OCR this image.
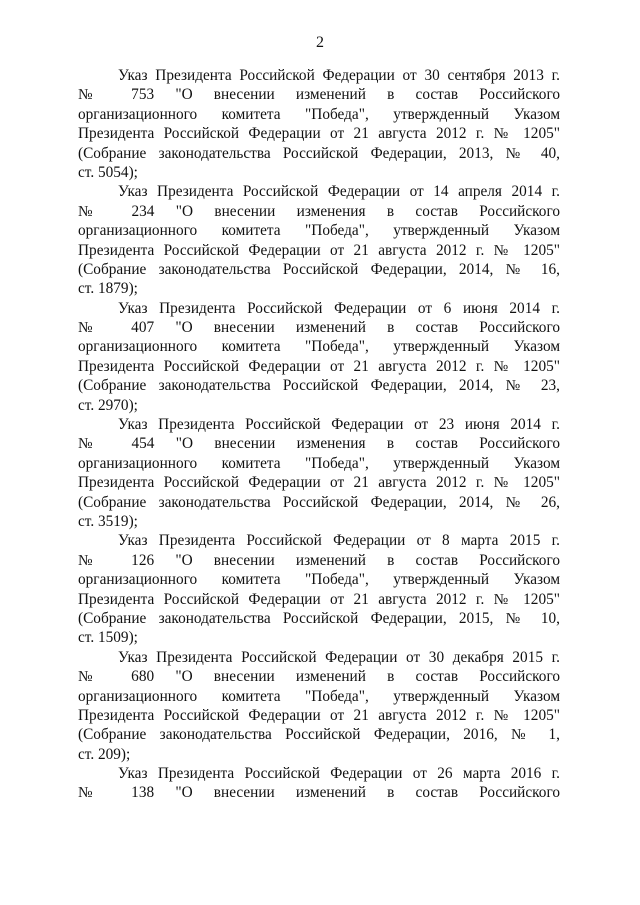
2
Указ Президента Российской Федерации от 30 сентября 2013 г.
№ 753 "О внесении изменений в состав Российского
организационного комитета "Победа", утвержденный Указом
Президента Российской Федерации от 21 августа 2012 г. № 1205"
(Собрание законодательства Российской Федерации, 2013, № 40,
ст. 5054);
Указ Президента Российской Федерации от 14 апреля 2014 г.
№ 234 "О внесении изменения в состав Российского
организационного комитета "Победа", утвержденный Указом
Президента Российской Федерации от 21 августа 2012 г. № 1205"
(Собрание законодательства Российской Федерации, 2014, № 16,
ст. 1879);
Указ Президента Российской Федерации от 6 июня 2014 г.
№ 407 "О внесении изменений в состав Российского
организационного комитета "Победа", утвержденный Указом
Президента Российской Федерации от 21 августа 2012 г. № 1205"
(Собрание законодательства Российской Федерации, 2014, № 23,
ст. 2970);
Указ Президента Российской Федерации от 23 июня 2014 г.
№ 454 "О внесении изменения в состав Российского
организационного комитета "Победа", утвержденный Указом
Президента Российской Федерации от 21 августа 2012 г. № 1205"
(Собрание законодательства Российской Федерации, 2014, № 26,
ст. 3519);
Указ Президента Российской Федерации от 8 марта 2015 г.
№ 126 "О внесении изменений в состав Российского
организационного комитета "Победа", утвержденный Указом
Президента Российской Федерации от 21 августа 2012 г. № 1205"
(Собрание законодательства Российской Федерации, 2015, № 10,
ст. 1509);
Указ Президента Российской Федерации от 30 декабря 2015 г.
№ 680 "О внесении изменений в состав Российского
организационного комитета "Победа", утвержденный Указом
Президента Российской Федерации от 21 августа 2012 г. № 1205"
(Собрание законодательства Российской Федерации, 2016, № 1,
ст. 209);
Указ Президента Российской Федерации от 26 марта 2016 г.
№ 138 "О внесении изменений в состав Российского
